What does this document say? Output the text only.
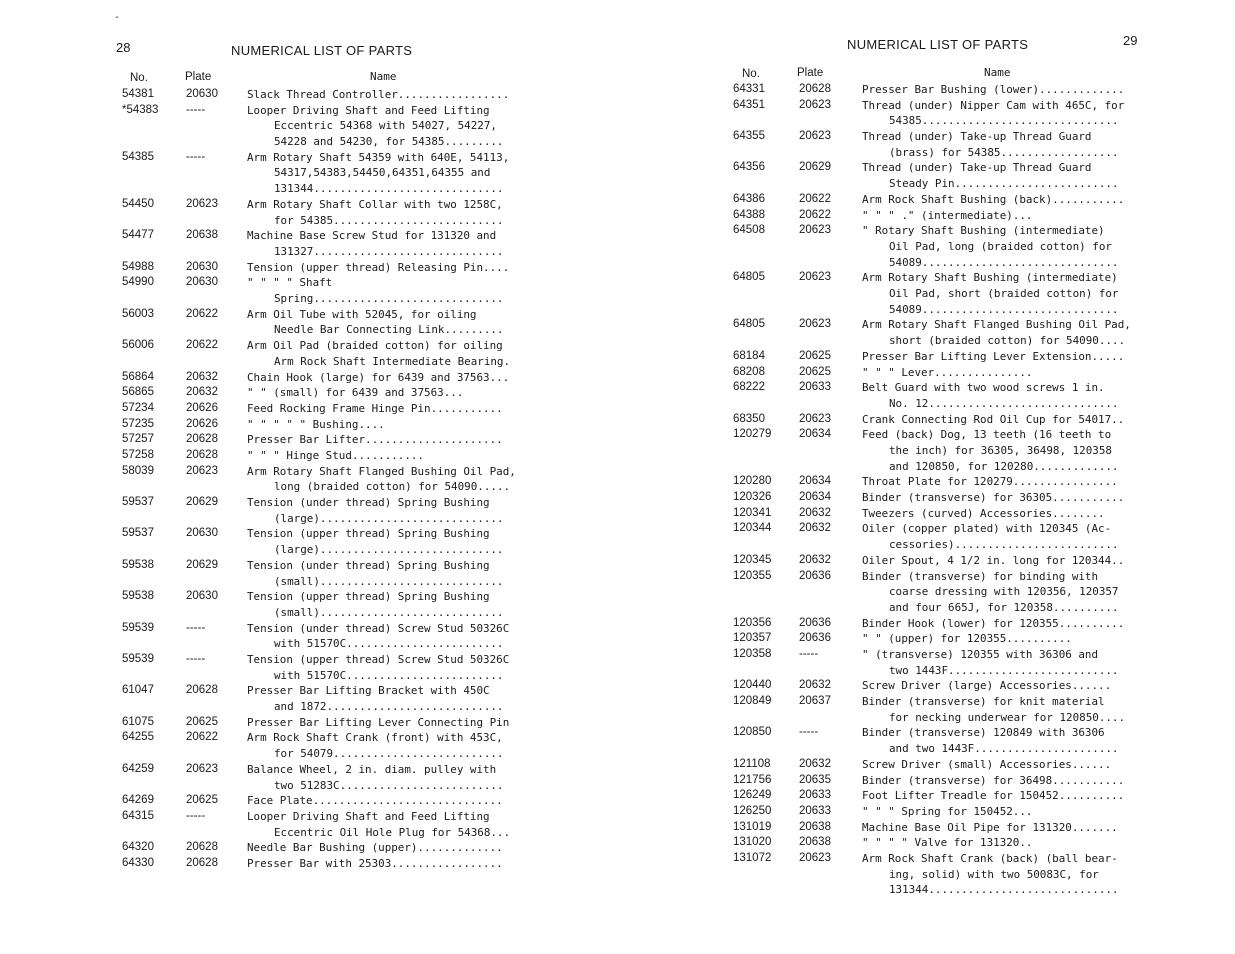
-
28	NUMERICAL LIST OF PARTS
No.	Plate	Name
54381	20630	Slack Thread Controller.................
*54383 -----	Looper Driving Shaft and Feed Lifting
Eccentric 54368 with 54027, 54227,
54228 and 54230, for 54385.........
54385	-----	Arm Rotary Shaft 54359 with 640E, 54113,
54317,54383,54450,64351,64355 and
131344.............................
54450	20623	Arm Rotary Shaft Collar with two 1258C,
for 54385..........................
54477	20638	Machine Base Screw Stud for 131320 and
131327.............................
54988	20630	Tension (upper thread) Releasing Pin....
54990	20630	" " " " Shaft
Spring.............................
56003	20622	Arm Oil Tube with 52045, for oiling
Needle Bar Connecting Link.........
56006	20622	Arm Oil Pad (braided cotton) for oiling
Arm Rock Shaft Intermediate Bearing.
56864	20632	Chain Hook (large) for 6439 and 37563...
56865	20632	" " (small) for 6439 and 37563...
57234	20626	Feed Rocking Frame Hinge Pin...........
57235	20626	" " " " " Bushing....
57257	20628	Presser Bar Lifter.....................
57258	20628	" " " Hinge Stud...........
58039	20623	Arm Rotary Shaft Flanged Bushing Oil Pad,
long (braided cotton) for 54090.....
59537	20629	Tension (under thread) Spring Bushing
(large)............................
59537	20630	Tension (upper thread) Spring Bushing
(large)............................
59538	20629	Tension (under thread) Spring Bushing
(small)............................
59538	20630	Tension (upper thread) Spring Bushing
(small)............................
59539	-----	Tension (under thread) Screw Stud 50326C
with 51570C........................
59539	-----	Tension (upper thread) Screw Stud 50326C
with 51570C........................
61047	20628	Presser Bar Lifting Bracket with 450C
and 1872...........................
61075	20625	Presser Bar Lifting Lever Connecting Pin
64255	20622	Arm Rock Shaft Crank (front) with 453C,
for 54079..........................
64259	20623	Balance Wheel, 2 in. diam. pulley with
two 51283C.........................
64269	20625	Face Plate.............................
64315	-----	Looper Driving Shaft and Feed Lifting
Eccentric Oil Hole Plug for 54368...
64320	20628	Needle Bar Bushing (upper).............
64330	20628	Presser Bar with 25303.................
29
NUMERICAL LIST OF PARTS
No.	Plate	Name
64331	20628	Presser Bar Bushing (lower).............
64351	20623	Thread (under) Nipper Cam with 465C, for
54385..............................
64355	20623	Thread (under) Take-up Thread Guard
(brass) for 54385..................
64356	20629	Thread (under) Take-up Thread Guard
Steady Pin.........................
64386	20622	Arm Rock Shaft Bushing (back)...........
64388	20622	" " " ." (intermediate)...
64508	20623	" Rotary Shaft Bushing (intermediate)
Oil Pad, long (braided cotton) for
54089..............................
64805	20623	Arm Rotary Shaft Bushing (intermediate)
Oil Pad, short (braided cotton) for
54089..............................
64805	20623	Arm Rotary Shaft Flanged Bushing Oil Pad,
short (braided cotton) for 54090....
68184	20625	Presser Bar Lifting Lever Extension.....
68208	20625	" " " Lever...............
68222	20633	Belt Guard with two wood screws 1 in.
No. 12.............................
68350	20623	Crank Connecting Rod Oil Cup for 54017..
120279 20634	Feed (back) Dog, 13 teeth (16 teeth to
the inch) for 36305, 36498, 120358
and 120850, for 120280.............
120280 20634	Throat Plate for 120279................
120326 20634	Binder (transverse) for 36305...........
120341 20632	Tweezers (curved) Accessories........
120344 20632	Oiler (copper plated) with 120345 (Ac-
cessories).........................
120345 20632	Oiler Spout, 4 1/2 in. long for 120344..
120355 20636	Binder (transverse) for binding with
coarse dressing with 120356, 120357
and four 665J, for 120358..........
120356 20636	Binder Hook (lower) for 120355..........
120357 20636	" " (upper) for 120355..........
120358 -----	" (transverse) 120355 with 36306 and
two 1443F..........................
120440 20632	Screw Driver (large) Accessories......
120849 20637	Binder (transverse) for knit material
for necking underwear for 120850....
120850 -----	Binder (transverse) 120849 with 36306
and two 1443F......................
121108 20632	Screw Driver (small) Accessories......
121756 20635	Binder (transverse) for 36498...........
126249 20633	Foot Lifter Treadle for 150452..........
126250 20633	" " " Spring for 150452...
131019 20638	Machine Base Oil Pipe for 131320.......
131020 20638	" " " " Valve for 131320..
131072 20623	Arm Rock Shaft Crank (back) (ball bear-
ing, solid) with two 50083C, for
131344.............................
